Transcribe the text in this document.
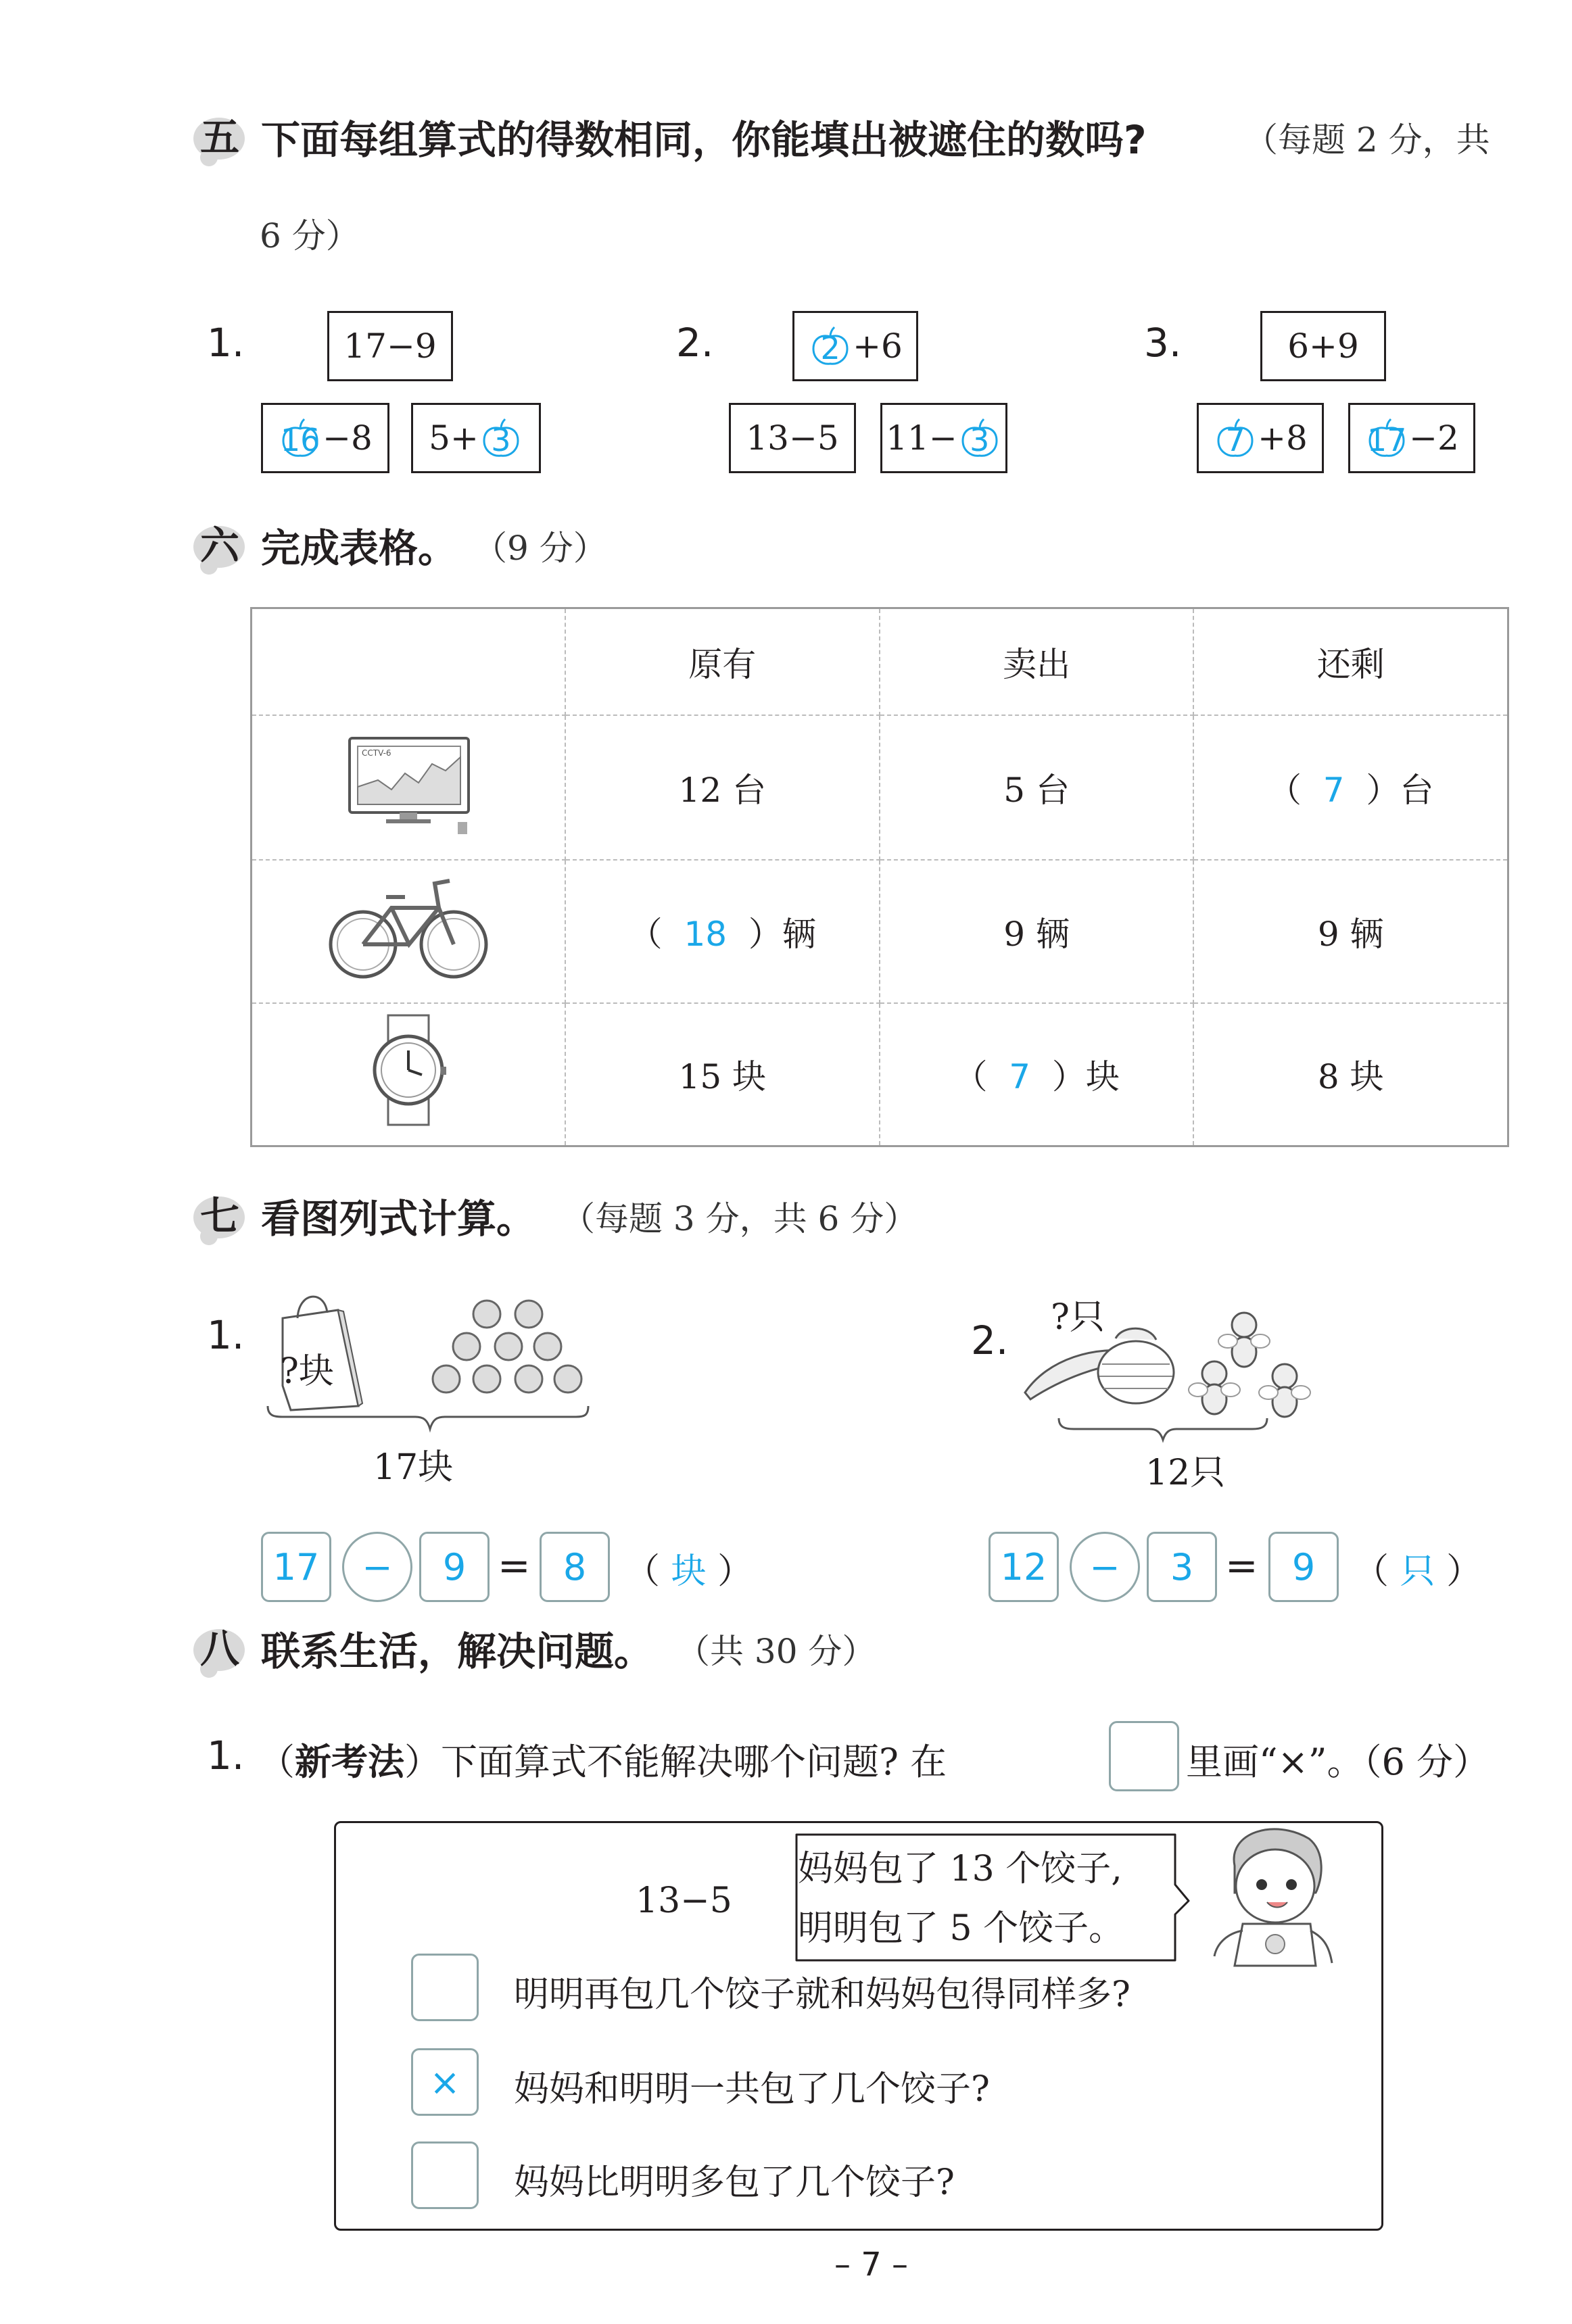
五 下面每组算式的得数相同，你能填出被遮住的数吗?	（每题 2 分，共
6 分）
1.	17−9
16 −8 5+ 3
2.	2 +6
13−5 11− 3
3.	6+9
7 +8 17 −2
六 完成表格。 （9 分）
	原有	卖出	还剩

CCTV-6	12 台	5 台	（  7  ）台
	（  18  ）辆	9 辆	9 辆
	15 块	（  7  ）块	8 块
七 看图列式计算。 （每题 3 分，共 6 分）
1.
?块
17块
17	−	9 = 8	（ 块 ）
2. ?只
12只
12	−	3 = 9	（ 只 ）
八 联系生活，解决问题。 （共 30 分）
1. （新考法）下面算式不能解决哪个问题? 在	里画“×”。（6 分）
13−5
妈妈包了 13 个饺子,
明明包了 5 个饺子。
明明再包几个饺子就和妈妈包得同样多?
×	妈妈和明明一共包了几个饺子?
妈妈比明明多包了几个饺子?
– 7 –
